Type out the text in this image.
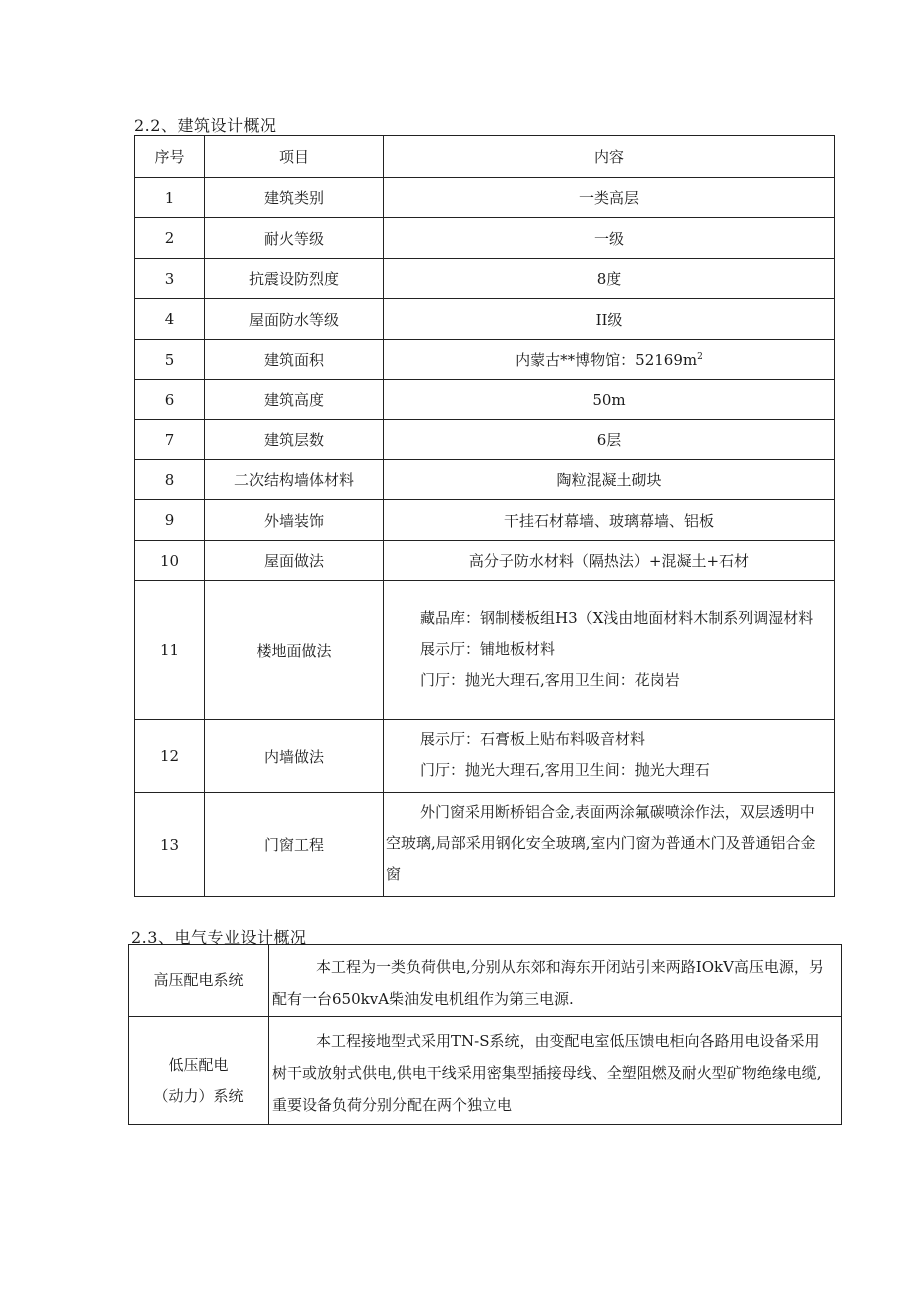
2.2、建筑设计概况
序号	项目	内容
1	建筑类别	一类高层
2	耐火等级	一级
3	抗震设防烈度	8度
4	屋面防水等级	II级
5	建筑面积	内蒙古**博物馆：$52169m^2$
6	建筑高度	50m
7	建筑层数	6层
8	二次结构墙体材料	陶粒混凝土砌块
9	外墙装饰	干挂石材幕墙、玻璃幕墙、铝板
10	屋面做法	高分子防水材料（隔热法）+混凝土+石材
11	楼地面做法	藏品库：钢制楼板组H3（X浅由地面材料木制系列调湿材料
展示厅：铺地板材料
门厅：抛光大理石,客用卫生间：花岗岩

12	内墙做法	展示厅：石膏板上贴布料吸音材料
门厅：抛光大理石,客用卫生间：抛光大理石

13	门窗工程	外门窗采用断桥铝合金,表面两涂氟碳喷涂作法，双层透明中空玻璃,局部采用钢化安全玻璃,室内门窗为普通木门及普通铝合金窗
2.3、电气专业设计概况
高压配电系统	本工程为一类负荷供电,分别从东郊和海东开闭站引来两路IOkV高压电源，另配有一台650kvA柴油发电机组作为第三电源.

低压配电
（动力）系统	本工程接地型式采用TN-S系统，由变配电室低压馈电柜向各路用电设备采用树干或放射式供电,供电干线采用密集型插接母线、全塑阻燃及耐火型矿物绝缘电缆,重要设备负荷分别分配在两个独立电
